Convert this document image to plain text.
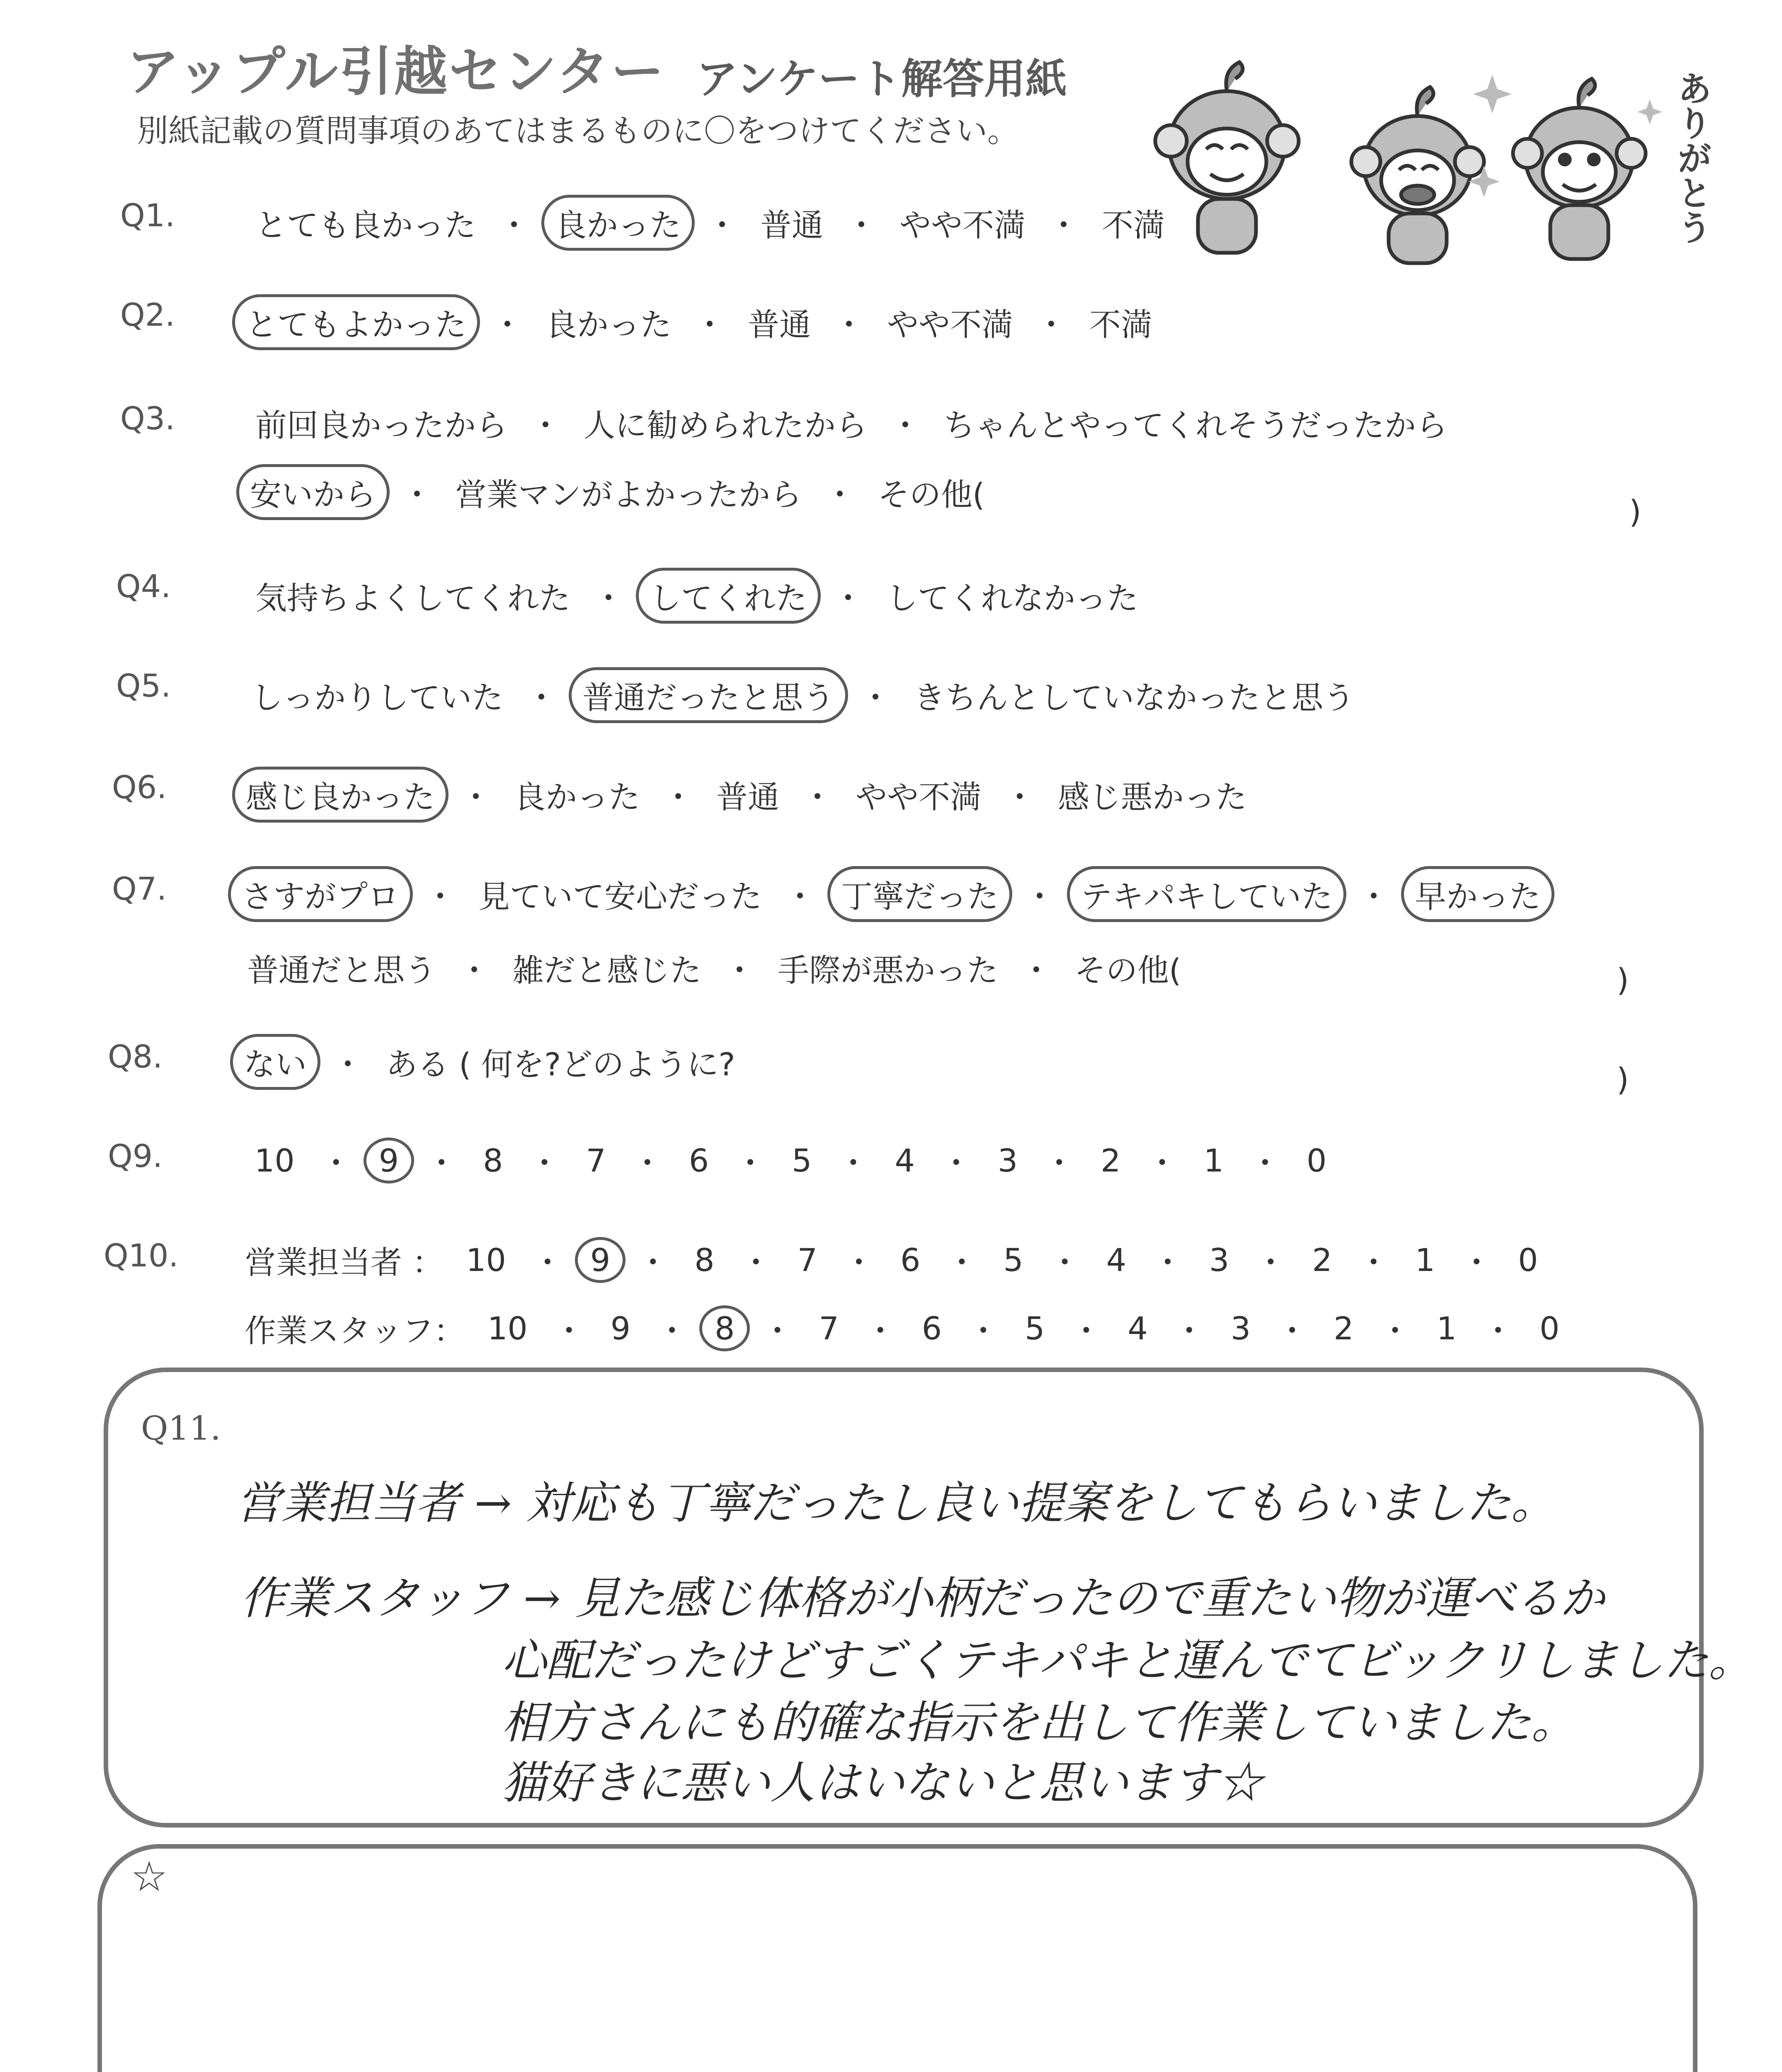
アップル引越センター アンケート解答用紙
別紙記載の質問事項のあてはまるものに〇をつけてください。	ありがとう
Q1.	とても良かった ・ 良かった ・ 普通 ・ やや不満 ・ 不満
Q2.	とてもよかった ・ 良かった ・ 普通 ・ やや不満 ・ 不満
Q3.	前回良かったから ・ 人に勧められたから ・ ちゃんとやってくれそうだったから
安いから ・ 営業マンがよかったから ・ その他(	)
Q4.	気持ちよくしてくれた ・ してくれた ・ してくれなかった
Q5.	しっかりしていた ・ 普通だったと思う ・ きちんとしていなかったと思う
Q6.	感じ良かった ・ 良かった ・ 普通 ・ やや不満 ・ 感じ悪かった
Q7.	さすがプロ ・ 見ていて安心だった ・ 丁寧だった ・ テキパキしていた ・ 早かった
普通だと思う ・ 雑だと感じた ・ 手際が悪かった ・ その他(	)
Q8.	ない ・ ある ( 何を?どのように?	)
Q9.	10 ・ 9 ・ 8 ・ 7 ・ 6 ・ 5 ・ 4 ・ 3 ・ 2 ・ 1 ・ 0
Q10. 営業担当者 ： 10 ・ 9 ・ 8 ・ 7 ・ 6 ・ 5 ・ 4 ・ 3 ・ 2 ・ 1 ・ 0
作業スタッフ： 10 ・ 9 ・ 8 ・ 7 ・ 6 ・ 5 ・ 4 ・ 3 ・ 2 ・ 1 ・ 0
Q11.
営業担当者 → 対応も丁寧だったし良い提案をしてもらいました。
作業スタッフ → 見た感じ体格が小柄だったので重たい物が運べるか
心配だったけどすごくテキパキと運んでてビックリしました。
相方さんにも的確な指示を出して作業していました。
猫好きに悪い人はいないと思います☆
☆
